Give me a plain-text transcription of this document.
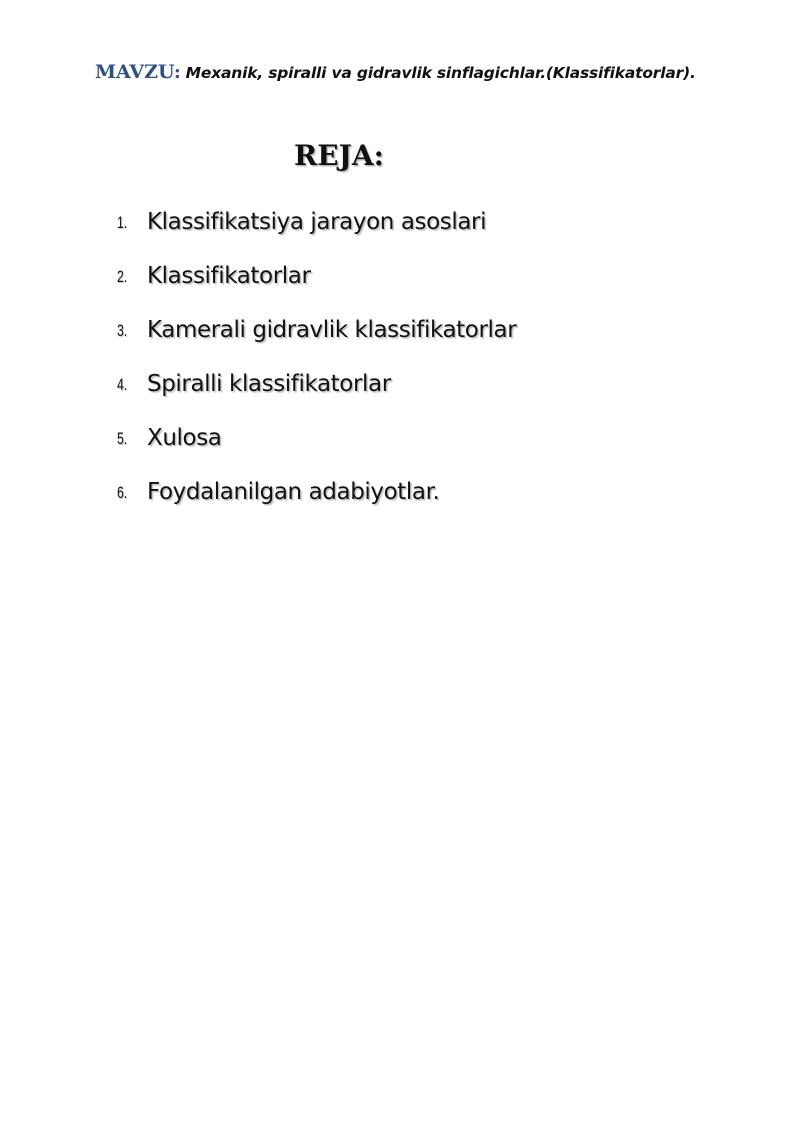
MAVZU: Mexanik, spiralli va gidravlik sinflagichlar.(Klassifikatorlar).
REJA:
1. Klassifikatsiya jarayon asoslari
2. Klassifikatorlar
3. Kamerali gidravlik klassifikatorlar
4. Spiralli klassifikatorlar
5. Xulosa
6. Foydalanilgan adabiyotlar.
